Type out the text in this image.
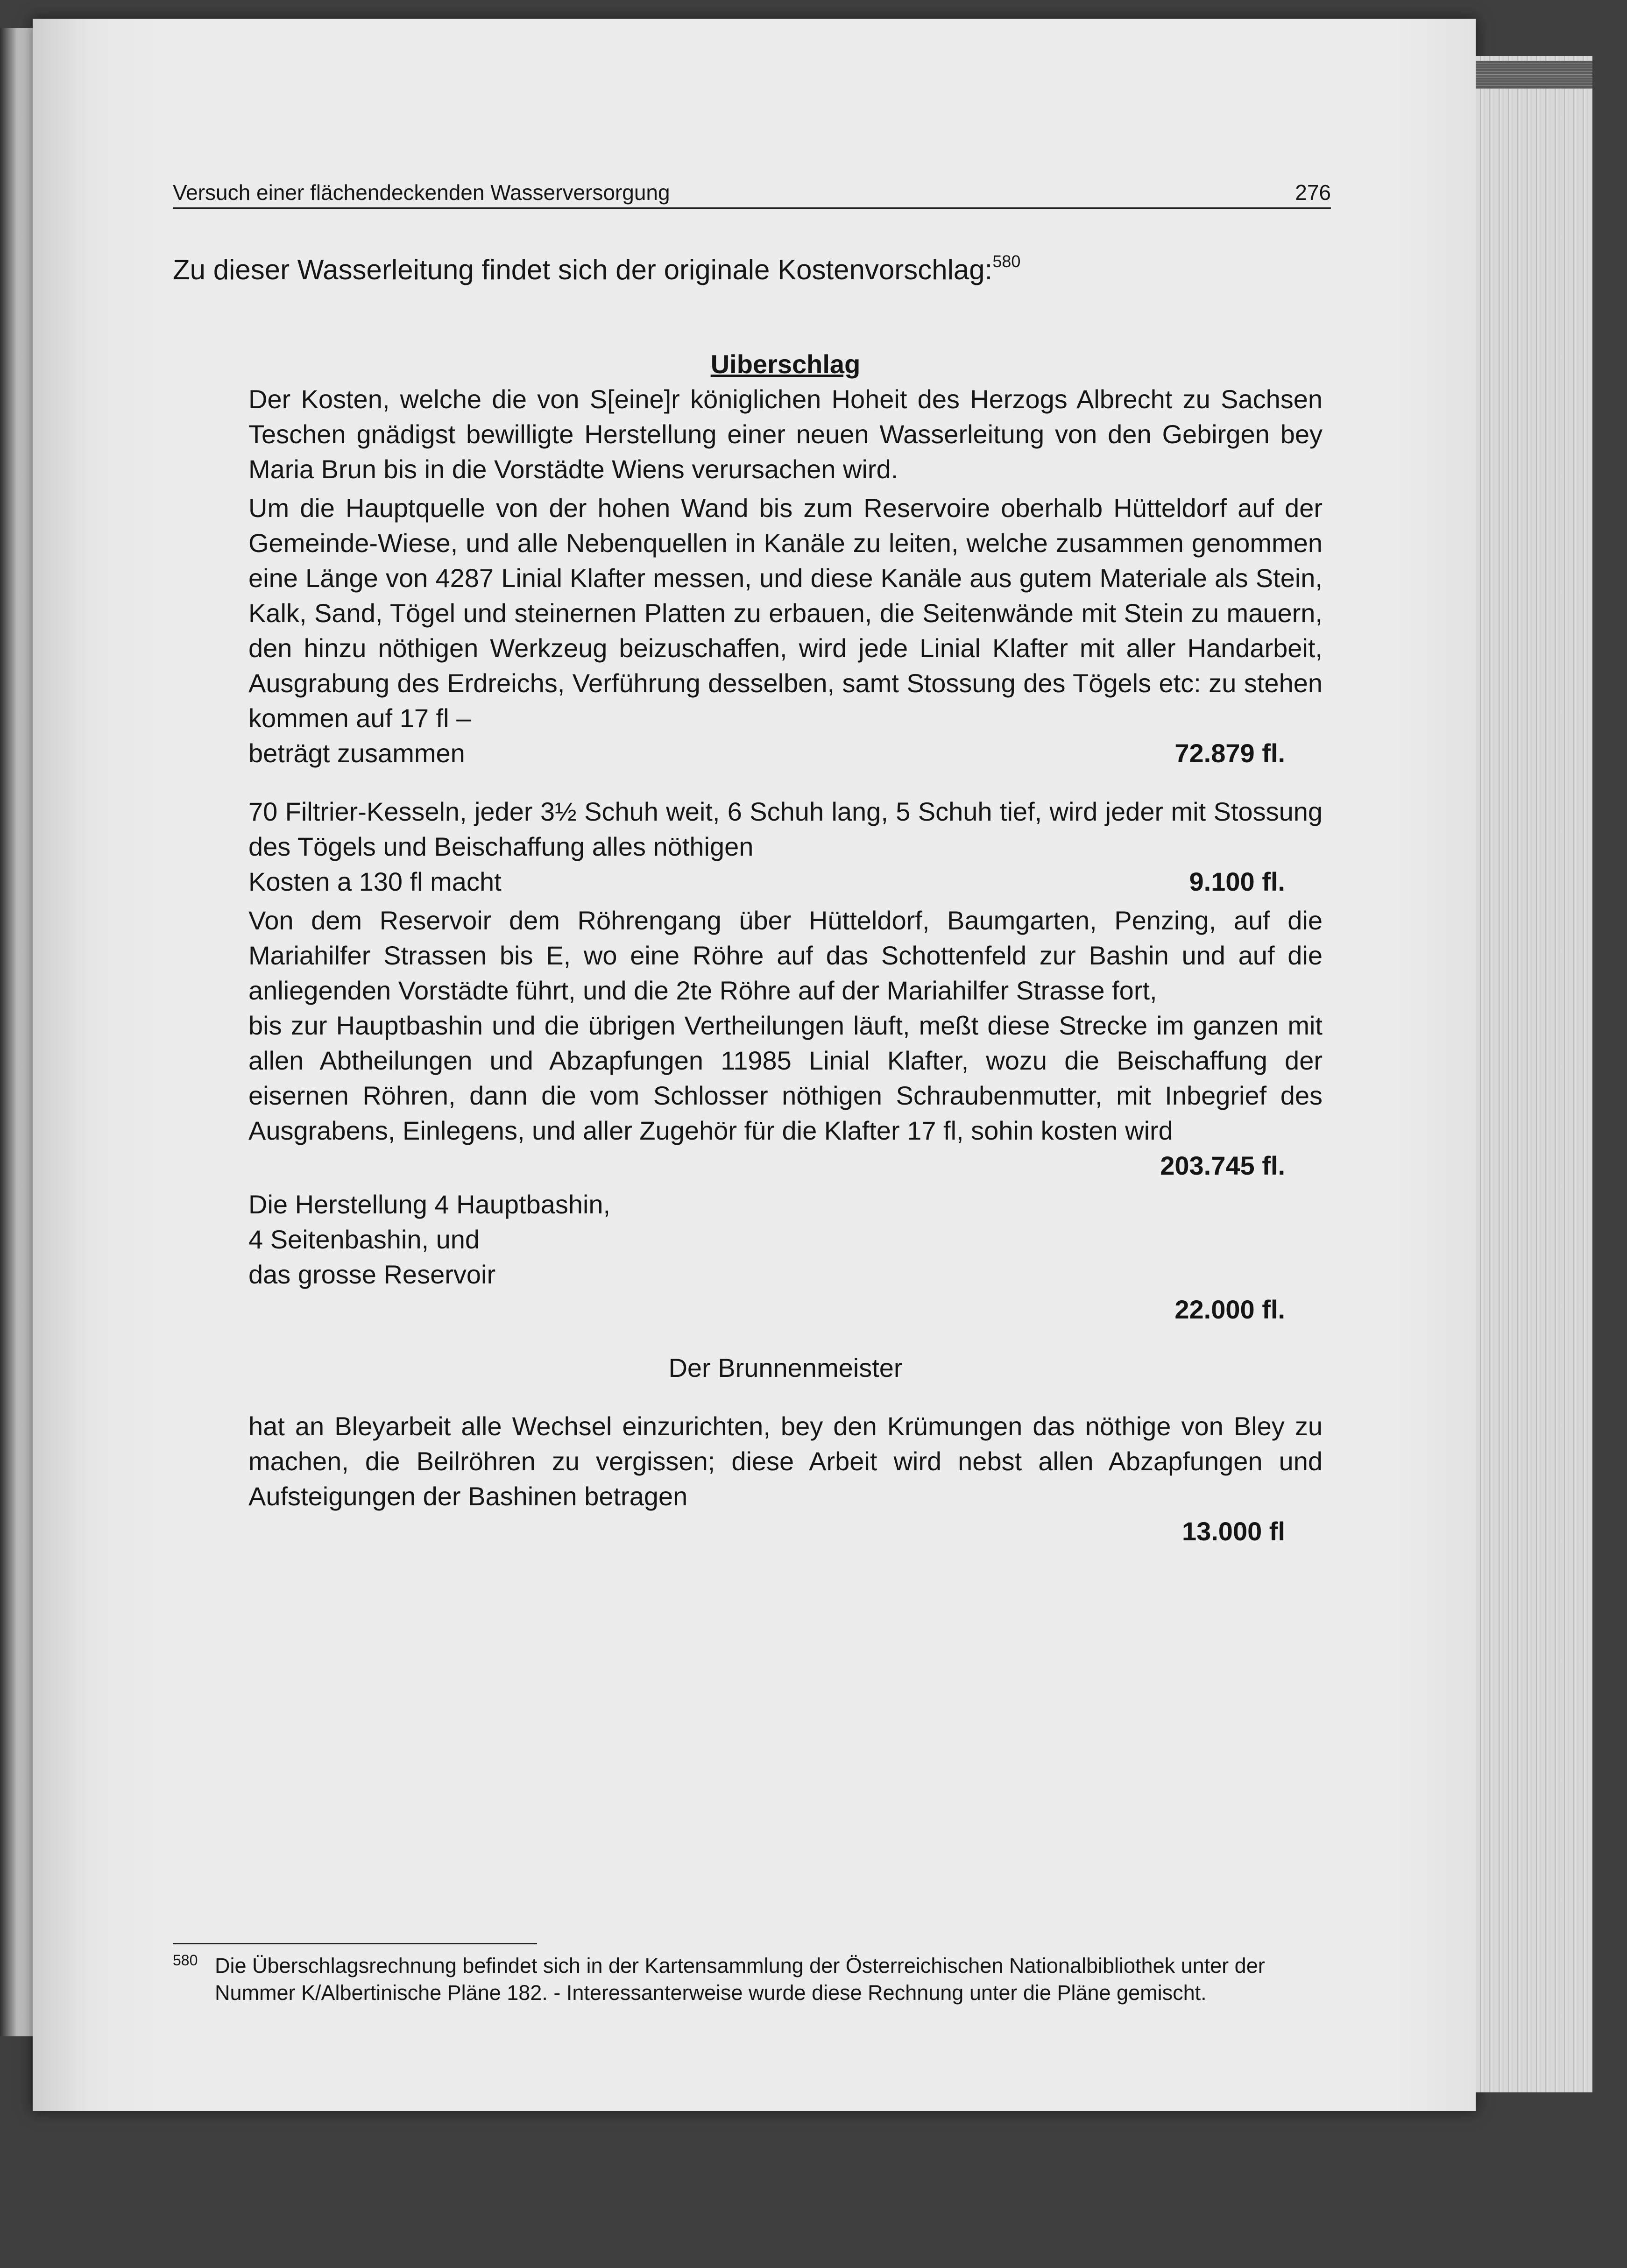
Versuch einer flächendeckenden Wasserversorgung	276
Zu dieser Wasserleitung findet sich der originale Kostenvorschlag:$^{580}$

Uiberschlag

Der Kosten, welche die von S[eine]r königlichen Hoheit des Herzogs Albrecht zu Sachsen Teschen gnädigst bewilligte Herstellung einer neuen Wasserleitung von den Gebirgen bey Maria Brun bis in die Vorstädte Wiens verursachen wird.

Um die Hauptquelle von der hohen Wand bis zum Reservoire oberhalb Hütteldorf auf der Gemeinde-Wiese, und alle Nebenquellen in Kanäle zu leiten, welche zusammen genommen eine Länge von 4287 Linial Klafter messen, und diese Kanäle aus gutem Materiale als Stein, Kalk, Sand, Tögel und steinernen Platten zu erbauen, die Seitenwände mit Stein zu mauern, den hinzu nöthigen Werkzeug beizuschaffen, wird jede Linial Klafter mit aller Handarbeit, Ausgrabung des Erdreichs, Verführung desselben, samt Stossung des Tögels etc: zu stehen kommen auf 17 fl –

beträgt zusammen	72.879 fl.

70 Filtrier-Kesseln, jeder 3½ Schuh weit, 6 Schuh lang, 5 Schuh tief, wird jeder mit Stossung des Tögels und Beischaffung alles nöthigen

Kosten a 130 fl macht	9.100 fl.

Von dem Reservoir dem Röhrengang über Hütteldorf, Baumgarten, Penzing, auf die Mariahilfer Strassen bis E, wo eine Röhre auf das Schottenfeld zur Bashin und auf die anliegenden Vorstädte führt, und die 2te Röhre auf der Mariahilfer Strasse fort,

bis zur Hauptbashin und die übrigen Vertheilungen läuft, meßt diese Strecke im ganzen mit allen Abtheilungen und Abzapfungen 11985 Linial Klafter, wozu die Beischaffung der eisernen Röhren, dann die vom Schlosser nöthigen Schraubenmutter, mit Inbegrief des Ausgrabens, Einlegens, und aller Zugehör für die Klafter 17 fl, sohin kosten wird

203.745 fl.

Die Herstellung 4 Hauptbashin,

4 Seitenbashin, und

das grosse Reservoir

22.000 fl.

Der Brunnenmeister

hat an Bleyarbeit alle Wechsel einzurichten, bey den Krümungen das nöthige von Bley zu machen, die Beilröhren zu vergissen; diese Arbeit wird nebst allen Abzapfungen und Aufsteigungen der Bashinen betragen

13.000 fl

580 Die Überschlagsrechnung befindet sich in der Kartensammlung der Österreichischen Nationalbibliothek unter der Nummer K/Albertinische Pläne 182. - Interessanterweise wurde diese Rechnung unter die Pläne gemischt.
